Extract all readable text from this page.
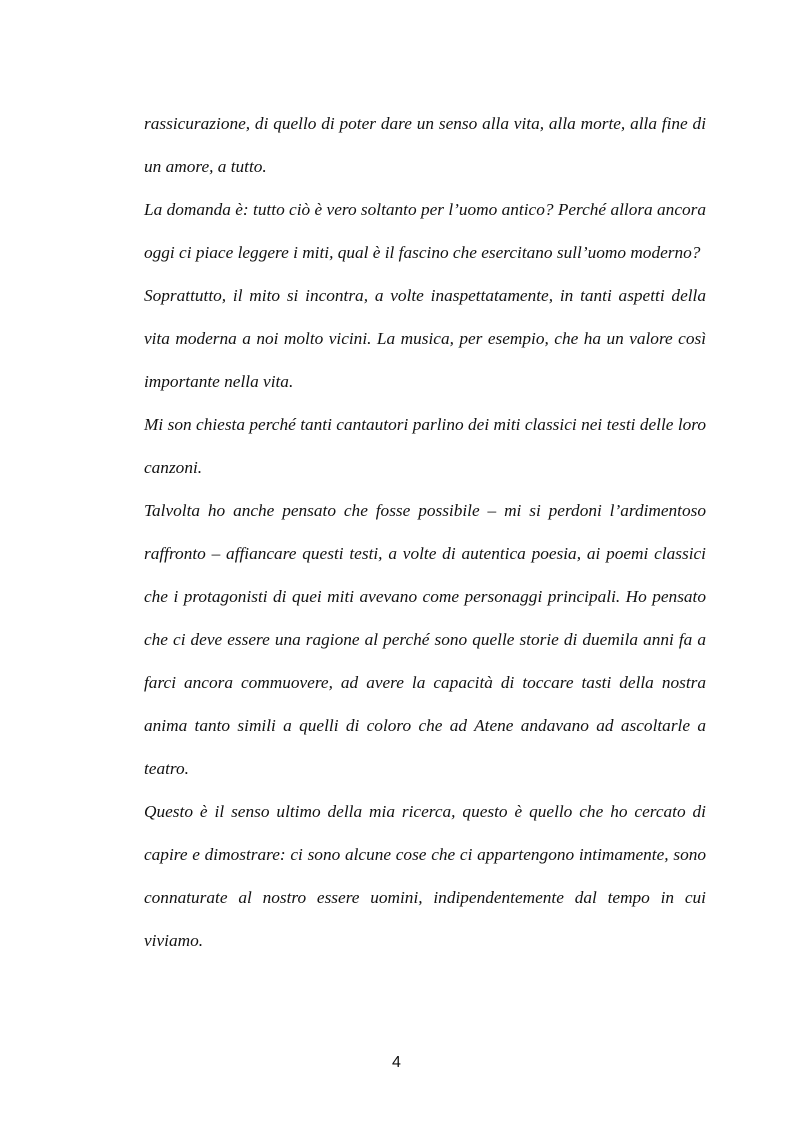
rassicurazione, di quello di poter dare un senso alla vita, alla morte, alla fine di un amore, a tutto.

La domanda è: tutto ciò è vero soltanto per l’uomo antico? Perché allora ancora oggi ci piace leggere i miti, qual è il fascino che esercitano sull’uomo moderno?

Soprattutto, il mito si incontra, a volte inaspettatamente, in tanti aspetti della vita moderna a noi molto vicini. La musica, per esempio, che ha un valore così importante nella vita.

Mi son chiesta perché tanti cantautori parlino dei miti classici nei testi delle loro canzoni.

Talvolta ho anche pensato che fosse possibile – mi si perdoni l’ardimentoso raffronto – affiancare questi testi, a volte di autentica poesia, ai poemi classici che i protagonisti di quei miti avevano come personaggi principali. Ho pensato che ci deve essere una ragione al perché sono quelle storie di duemila anni fa a farci ancora commuovere, ad avere la capacità di toccare tasti della nostra anima tanto simili a quelli di coloro che ad Atene andavano ad ascoltarle a teatro.

Questo è il senso ultimo della mia ricerca, questo è quello che ho cercato di capire e dimostrare: ci sono alcune cose che ci appartengono intimamente, sono connaturate al nostro essere uomini, indipendentemente dal tempo in cui viviamo.

4
